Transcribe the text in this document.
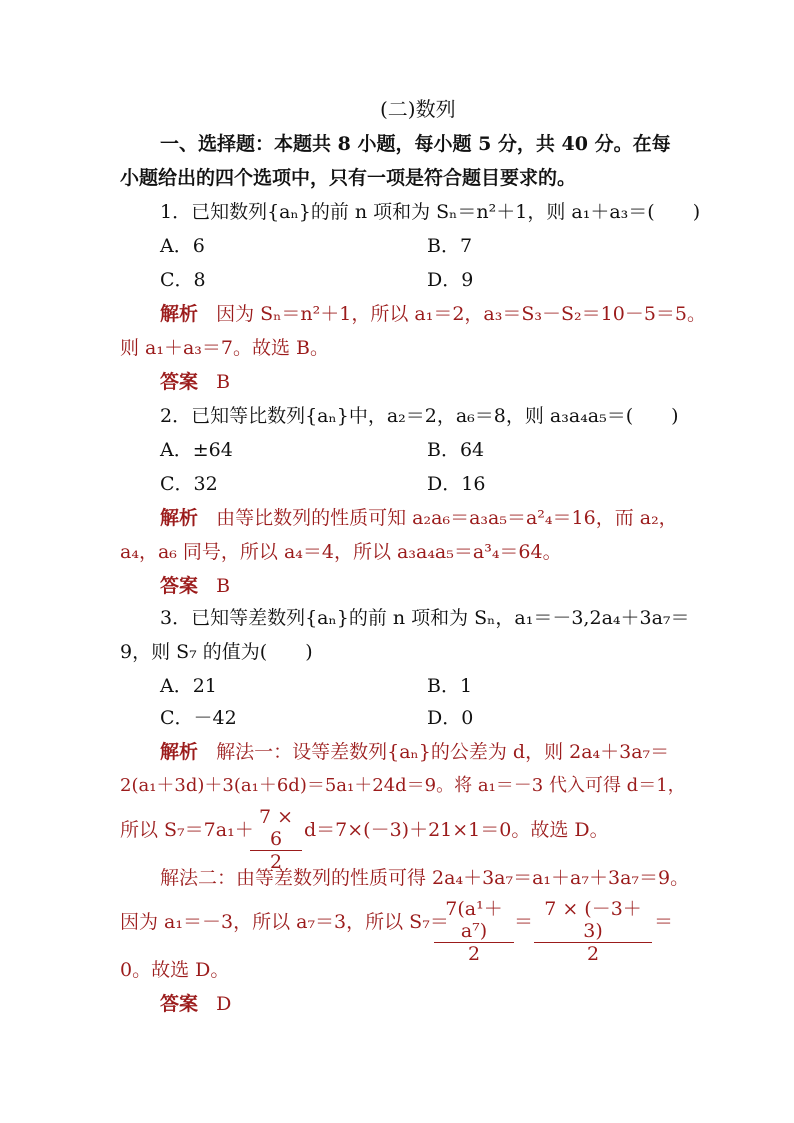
(二)数列
一、选择题：本题共 8 小题，每小题 5 分，共 40 分。在每
小题给出的四个选项中，只有一项是符合题目要求的。
1．已知数列{aₙ}的前 n 项和为 Sₙ＝n²＋1，则 a₁＋a₃＝(　　)
A．6	B．7
C．8	D．9
解析 因为 Sₙ＝n²＋1，所以 a₁＝2，a₃＝S₃－S₂＝10－5＝5。
则 a₁＋a₃＝7。故选 B。
答案 B
2．已知等比数列{aₙ}中，a₂＝2，a₆＝8，则 a₃a₄a₅＝(　　)
A．±64	B．64
C．32	D．16
解析 由等比数列的性质可知 a₂a₆＝a₃a₅＝a²₄＝16，而 a₂，
a₄，a₆ 同号，所以 a₄＝4，所以 a₃a₄a₅＝a³₄＝64。
答案 B
3．已知等差数列{aₙ}的前 n 项和为 Sₙ，a₁＝－3,2a₄＋3a₇＝
9，则 S₇ 的值为(　　)
A．21	B．1
C．－42	D．0
解析 解法一：设等差数列{aₙ}的公差为 d，则 2a₄＋3a₇＝
2(a₁＋3d)＋3(a₁＋6d)＝5a₁＋24d＝9。将 a₁＝－3 代入可得 d＝1，
所以 S₇＝7a₁＋
$\frac{7 \times 6}{2} d=7\times(-3)+21\times 1=0$。故选 D。
解法二：由等差数列的性质可得 2a₄＋3a₇＝a₁＋a₇＋3a₇＝9。
因为 a₁＝－3，所以 a₇＝3，所以 S₇＝
$\frac{\text{7(a¹＋a⁷)}}{2} = \frac{7 \times (-3+3)}{2}$ ＝
0。故选 D。
答案 D
